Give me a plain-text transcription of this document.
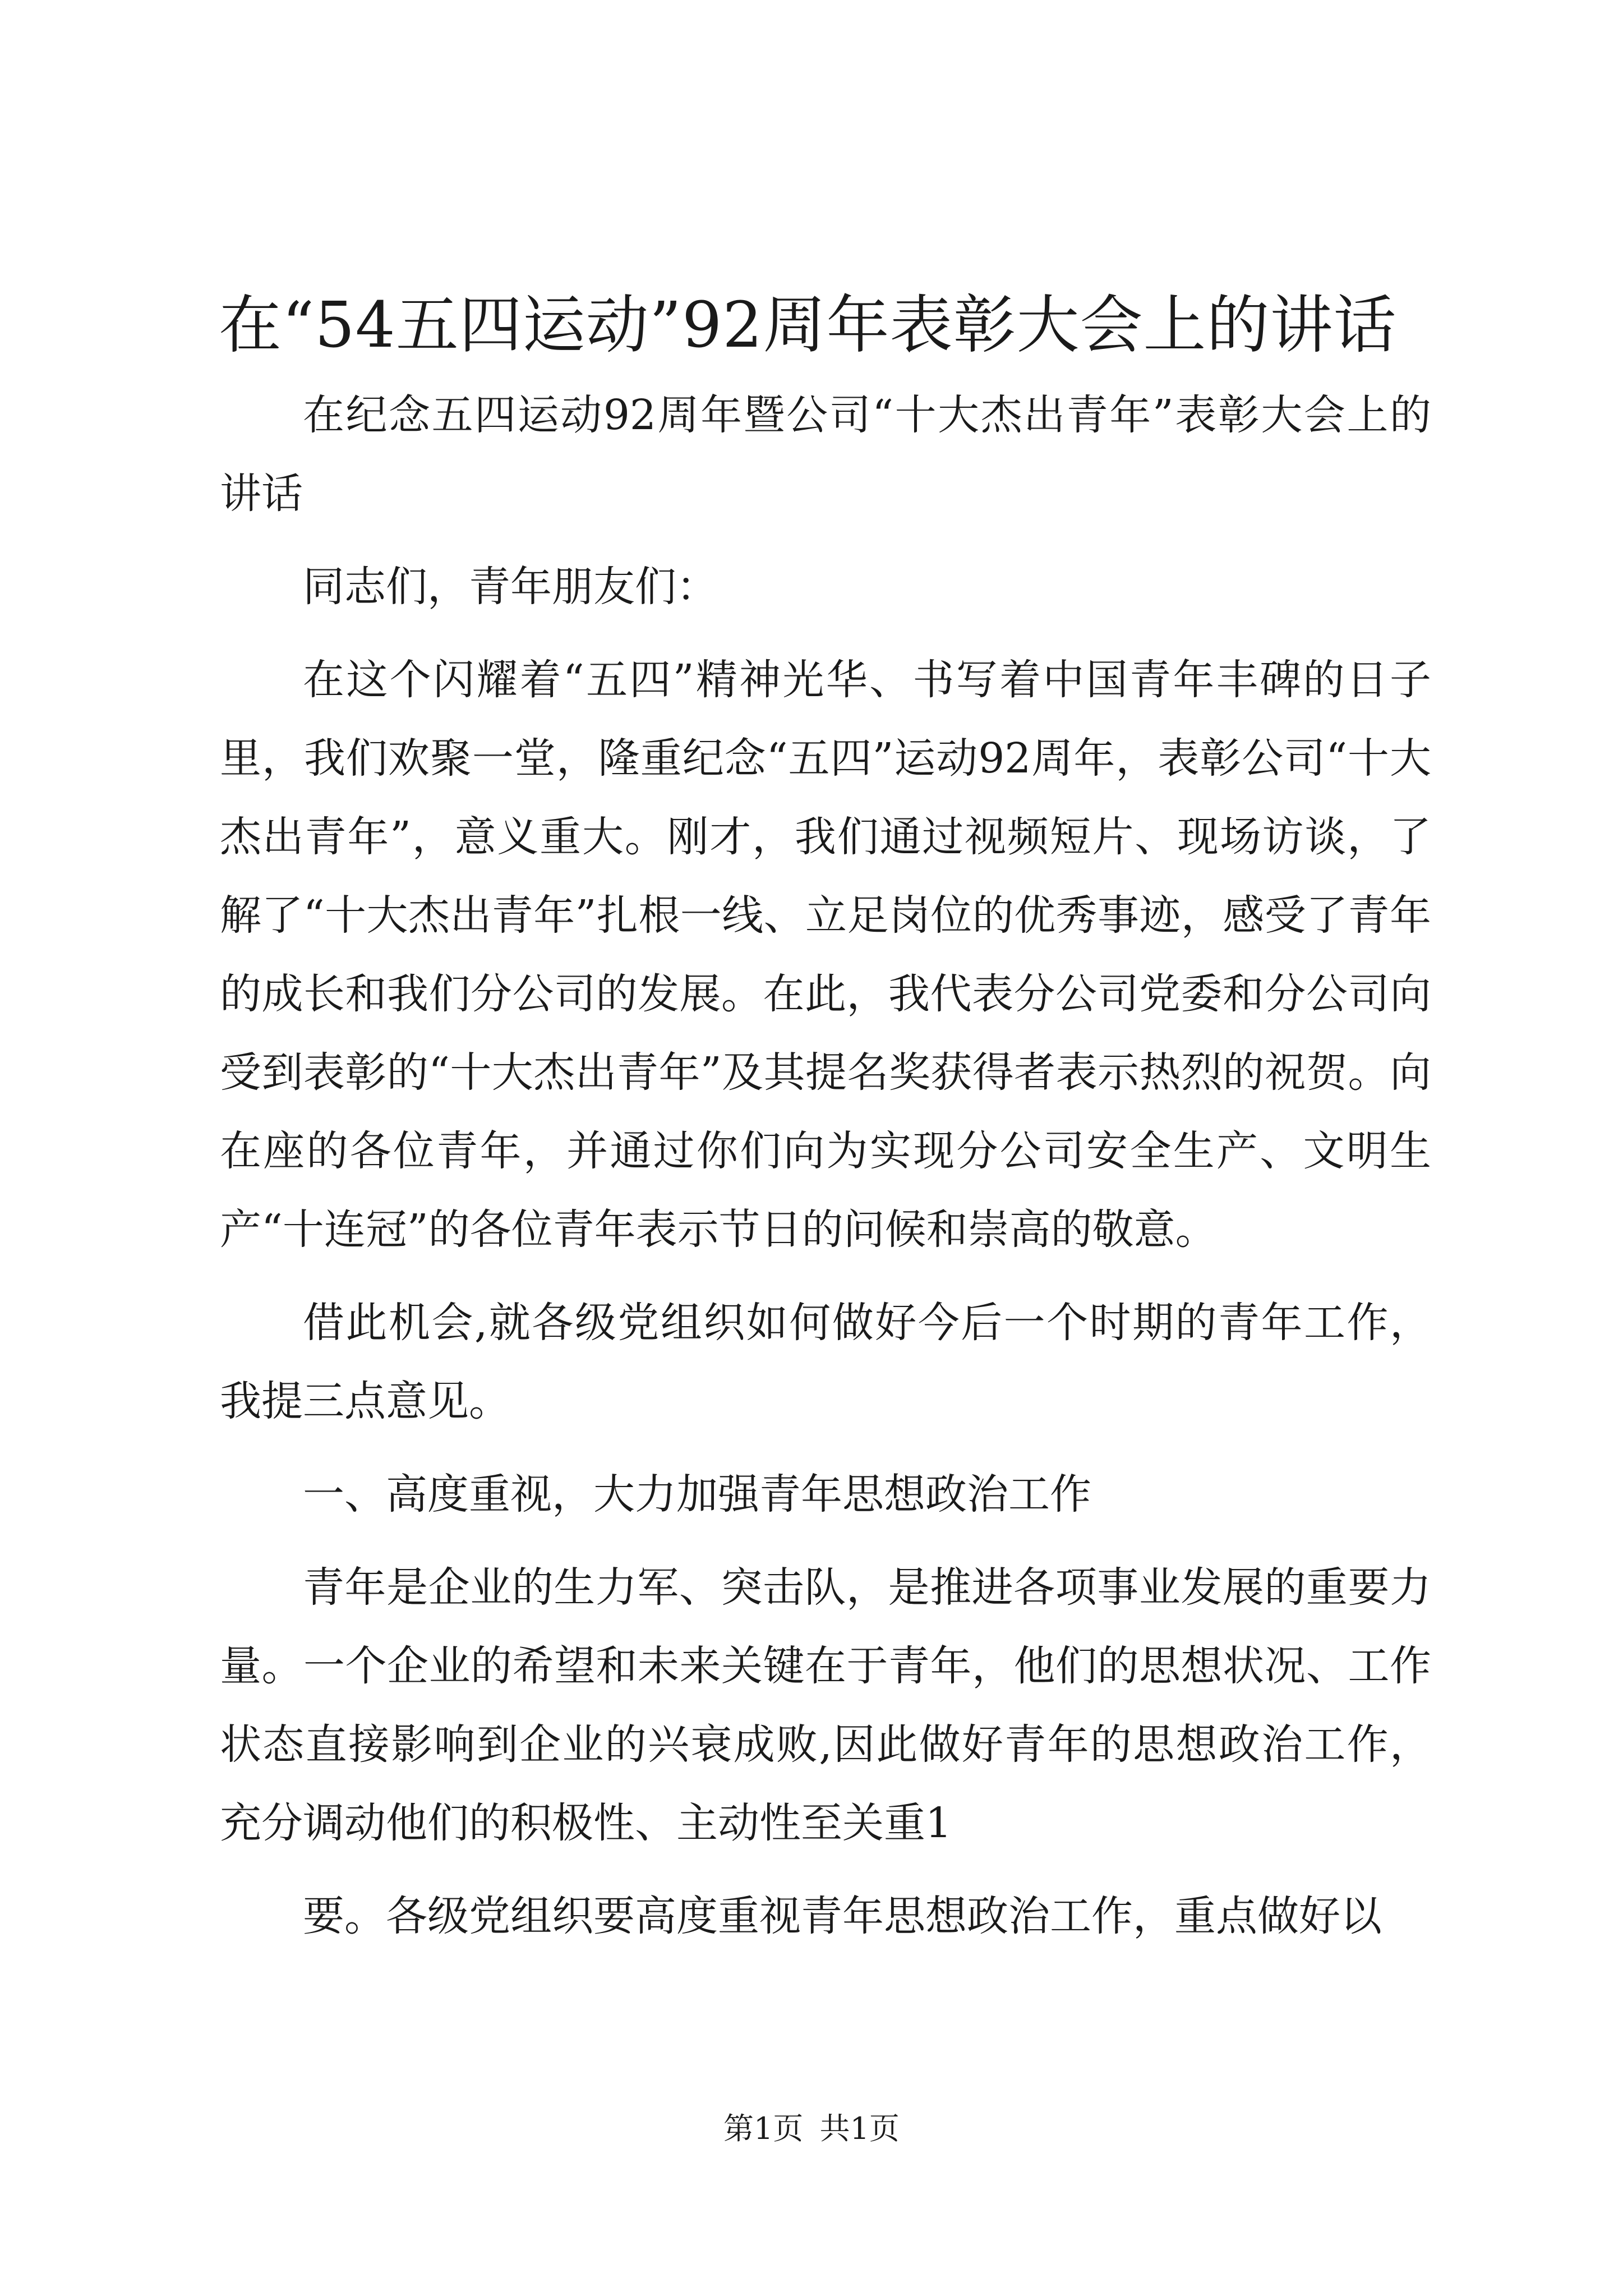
在“54五四运动”92周年表彰大会上的讲话

在纪念五四运动92周年暨公司“十大杰出青年”表彰大会上的讲话

同志们，青年朋友们：

在这个闪耀着“五四”精神光华、书写着中国青年丰碑的日子里，我们欢聚一堂，隆重纪念“五四”运动92周年，表彰公司“十大杰出青年”，意义重大。刚才，我们通过视频短片、现场访谈，了解了“十大杰出青年”扎根一线、立足岗位的优秀事迹，感受了青年的成长和我们分公司的发展。在此，我代表分公司党委和分公司向受到表彰的“十大杰出青年”及其提名奖获得者表示热烈的祝贺。向在座的各位青年，并通过你们向为实现分公司安全生产、文明生产“十连冠”的各位青年表示节日的问候和崇高的敬意。

借此机会,就各级党组织如何做好今后一个时期的青年工作，我提三点意见。

一、高度重视，大力加强青年思想政治工作

青年是企业的生力军、突击队，是推进各项事业发展的重要力量。一个企业的希望和未来关键在于青年，他们的思想状况、工作状态直接影响到企业的兴衰成败,因此做好青年的思想政治工作，充分调动他们的积极性、主动性至关重1

要。各级党组织要高度重视青年思想政治工作，重点做好以

第1页 共1页
